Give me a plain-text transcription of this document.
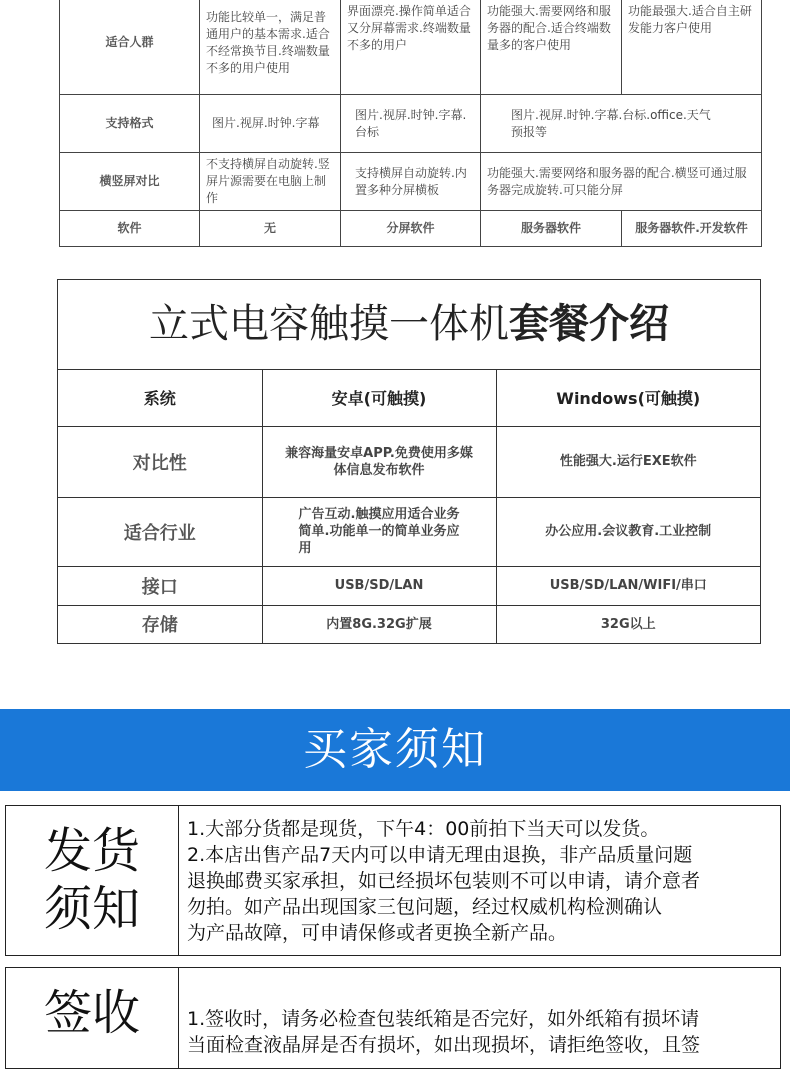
适合人群	功能比较单一，满足普通用户的基本需求.适合不经常换节目.终端数量不多的用户使用	界面漂亮.操作简单适合又分屏幕需求.终端数量不多的用户	功能强大.需要网络和服务器的配合.适合终端数量多的客户使用	功能最强大.适合自主研发能力客户使用
支持格式	图片.视屏.时钟.字幕	图片.视屏.时钟.字幕.台标	图片.视屏.时钟.字幕.台标.office.天气预报等	
横竖屏对比	不支持横屏自动旋转.竖屏片源需要在电脑上制作	支持横屏自动旋转.内置多种分屏横板	功能强大.需要网络和服务器的配合.横竖可通过服务器完成旋转.可只能分屏	
软件	无	分屏软件	服务器软件	服务器软件.开发软件
立式电容触摸一体机套餐介绍
系统	安卓(可触摸)	Windows(可触摸)
对比性	兼容海量安卓APP.免费使用多媒体信息发布软件	性能强大.运行EXE软件
适合行业	广告互动.触摸应用适合业务简单.功能单一的简单业务应用	办公应用.会议教育.工业控制
接口	USB/SD/LAN	USB/SD/LAN/WIFI/串口
存储	内置8G.32G扩展	32G以上
买家须知
发货
须知

1.大部分货都是现货，下午4：00前拍下当天可以发货。

2.本店出售产品7天内可以申请无理由退换，非产品质量问题

退换邮费买家承担，如已经损坏包装则不可以申请，请介意者

勿拍。如产品出现国家三包问题，经过权威机构检测确认

为产品故障，可申请保修或者更换全新产品。

签收	1.签收时，请务必检查包装纸箱是否完好，如外纸箱有损坏请

当面检查液晶屏是否有损坏，如出现损坏，请拒绝签收，且签
